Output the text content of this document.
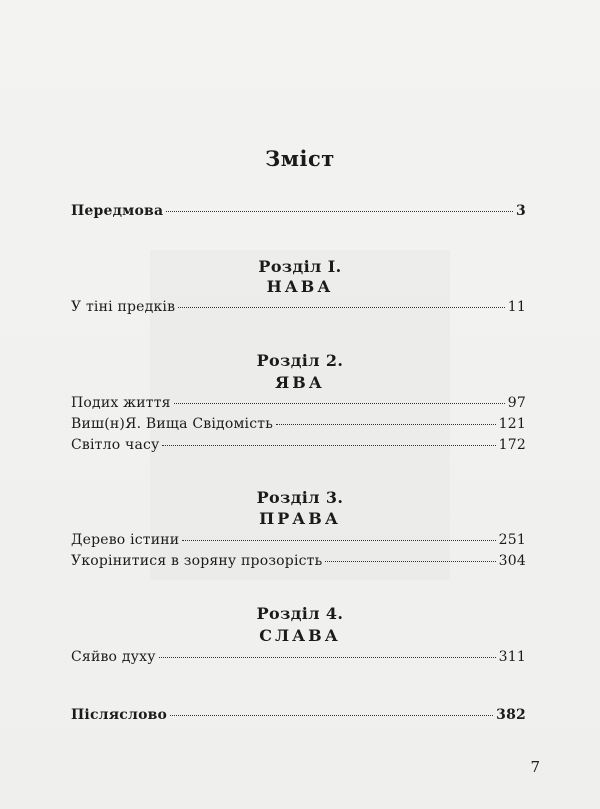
Зміст
Передмова	3
Розділ І.
НАВА
У тіні предків	11
Розділ 2.
ЯВА
Подих життя	97
Виш(н)Я. Вища Свідомість	121
Світло часу	172
Розділ 3.
ПРАВА
Дерево істини	251
Укорінитися в зоряну прозорість	304
Розділ 4.
СЛАВА
Сяйво духу	311
Післяслово	382
7
